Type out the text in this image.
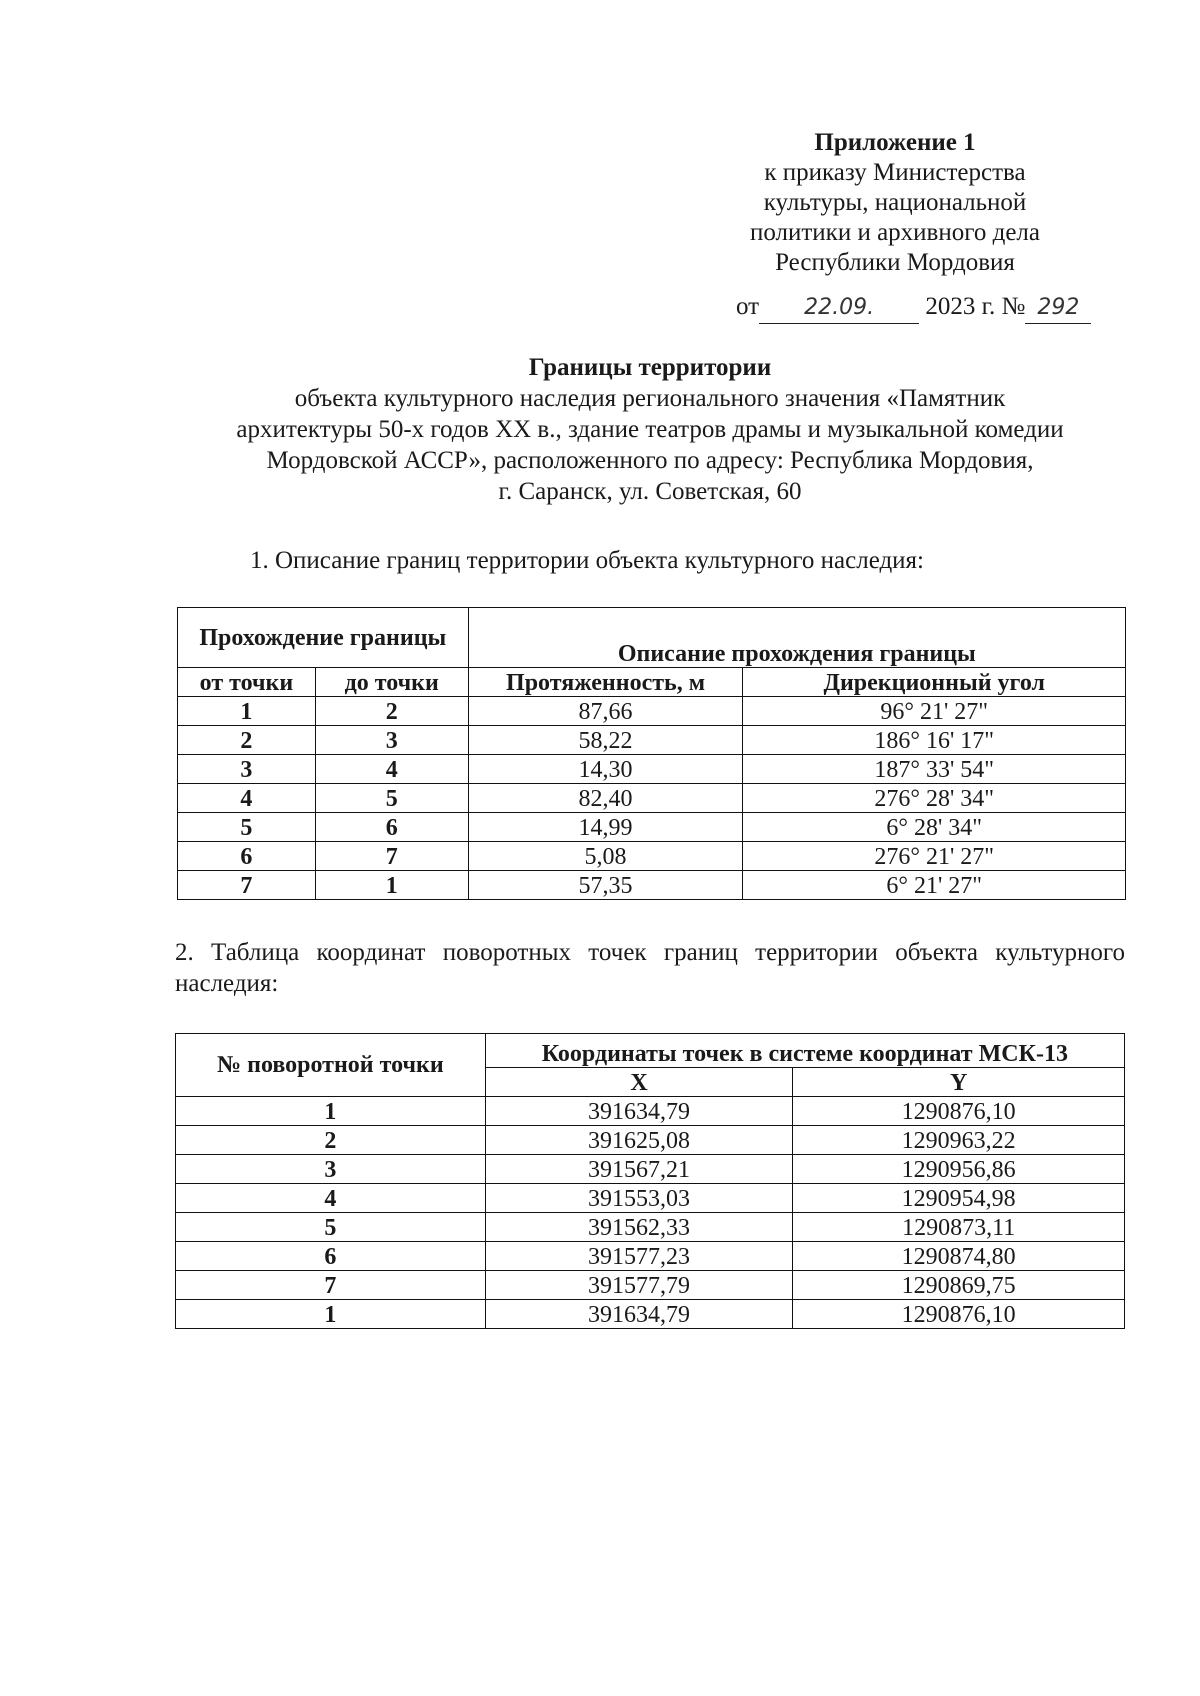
Приложение 1
к приказу Министерства
культуры, национальной
политики и архивного дела
Республики Мордовия
от 22.09. 2023 г. № 292
Границы территории
объекта культурного наследия регионального значения «Памятник
архитектуры 50-х годов XX в., здание театров драмы и музыкальной комедии
Мордовской АССР», расположенного по адресу: Республика Мордовия,
г. Саранск, ул. Советская, 60
1. Описание границ территории объекта культурного наследия:
Прохождение границы		Описание прохождения границы	
от точки	до точки	Протяженность, м	Дирекционный угол
1	2	87,66	96° 21' 27"
2	3	58,22	186° 16' 17"
3	4	14,30	187° 33' 54"
4	5	82,40	276° 28' 34"
5	6	14,99	6° 28' 34"
6	7	5,08	276° 21' 27"
7	1	57,35	6° 21' 27"
2. Таблица координат поворотных точек границ территории объекта культурного наследия:
№ поворотной точки	Координаты точек в системе координат МСК-13	
	X	Y
1	391634,79	1290876,10
2	391625,08	1290963,22
3	391567,21	1290956,86
4	391553,03	1290954,98
5	391562,33	1290873,11
6	391577,23	1290874,80
7	391577,79	1290869,75
1	391634,79	1290876,10
